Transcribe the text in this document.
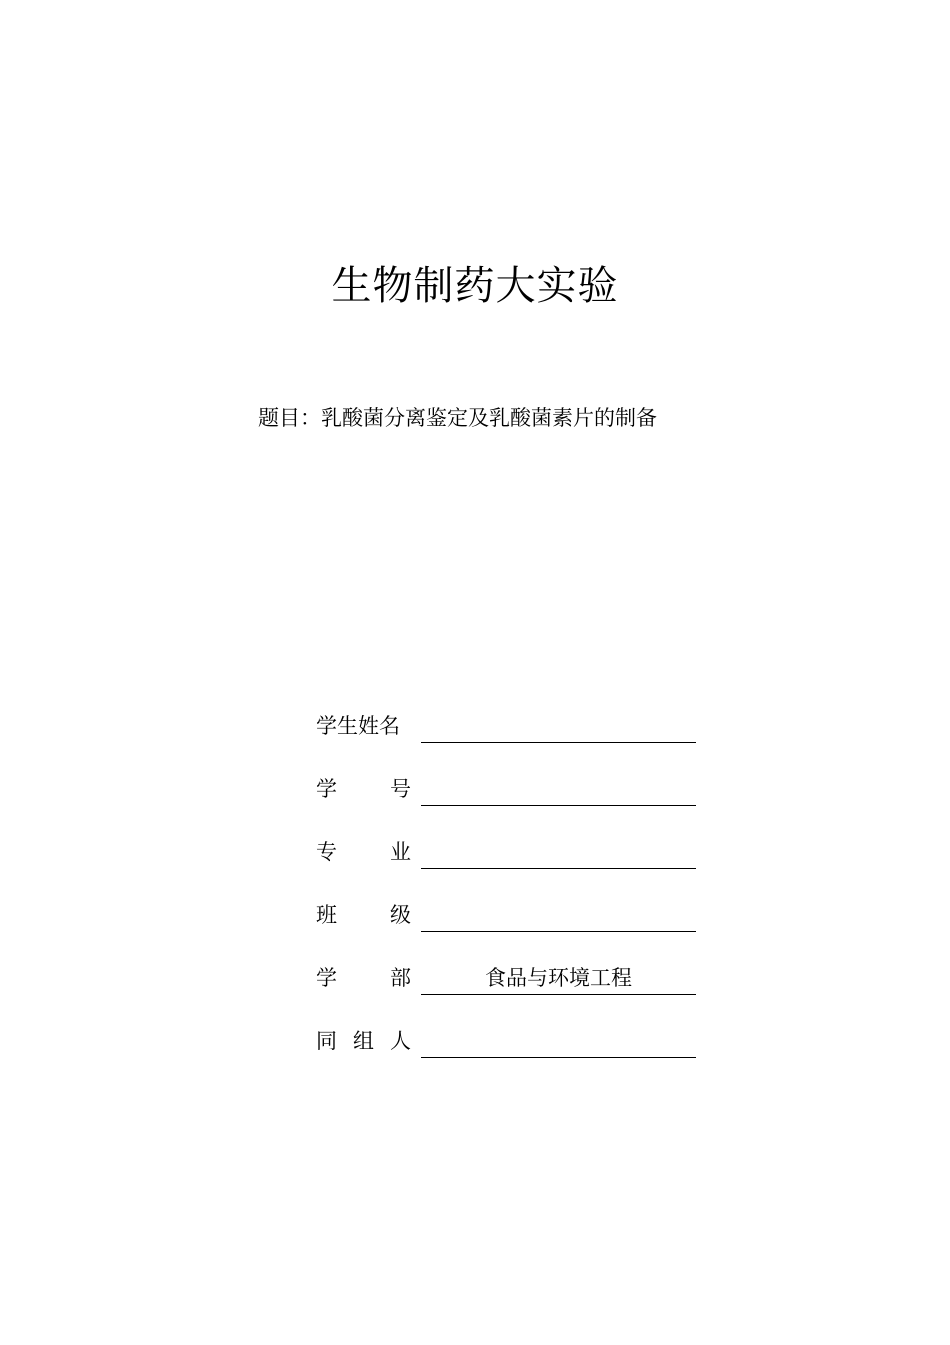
生物制药大实验
题目：乳酸菌分离鉴定及乳酸菌素片的制备
学生姓名
学	号
专	业
班	级
学	部	食品与环境工程
同 组 人
